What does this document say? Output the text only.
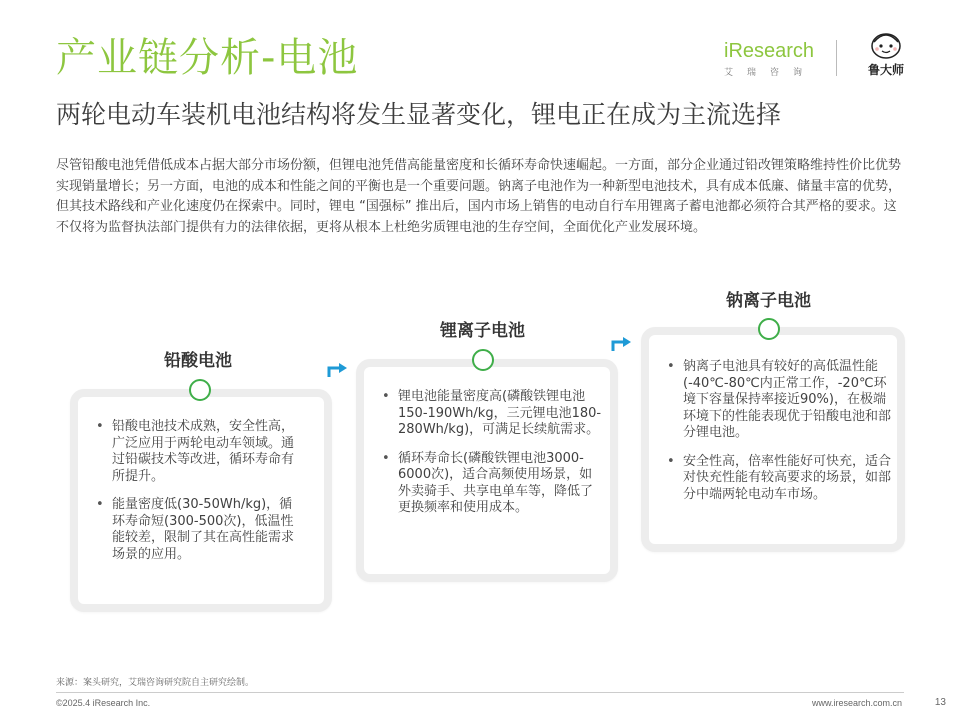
产业链分析-电池
两轮电动车装机电池结构将发生显著变化，锂电正在成为主流选择
iResearch
艾瑞咨询	鲁大师

尽管铅酸电池凭借低成本占据大部分市场份额，但锂电池凭借高能量密度和长循环寿命快速崛起。一方面，部分企业通过铅改锂策略维持性价比优势实现销量增长；另一方面，电池的成本和性能之间的平衡也是一个重要问题。钠离子电池作为一种新型电池技术，具有成本低廉、储量丰富的优势，但其技术路线和产业化速度仍在探索中。同时，锂电 “国强标” 推出后，国内市场上销售的电动自行车用锂离子蓄电池都必须符合其严格的要求。这不仅将为监督执法部门提供有力的法律依据，更将从根本上杜绝劣质锂电池的生存空间，全面优化产业发展环境。

铅酸电池
• 铅酸电池技术成熟，安全性高，广泛应用于两轮电动车领域。通过铅碳技术等改进，循环寿命有所提升。
• 能量密度低(30-50Wh/kg)，循环寿命短(300-500次)，低温性能较差，限制了其在高性能需求场景的应用。
锂离子电池
• 锂电池能量密度高(磷酸铁锂电池150-190Wh/kg，三元锂电池180-280Wh/kg)，可满足长续航需求。
• 循环寿命长(磷酸铁锂电池3000-6000次)，适合高频使用场景，如外卖骑手、共享电单车等，降低了更换频率和使用成本。
钠离子电池
• 钠离子电池具有较好的高低温性能(-40℃-80℃内正常工作，-20℃环境下容量保持率接近90%)，在极端环境下的性能表现优于铅酸电池和部分锂电池。
• 安全性高，倍率性能好可快充，适合对快充性能有较高要求的场景，如部分中端两轮电动车市场。
来源：案头研究，艾瑞咨询研究院自主研究绘制。
©2025.4 iResearch Inc.	www.iresearch.com.cn	13
